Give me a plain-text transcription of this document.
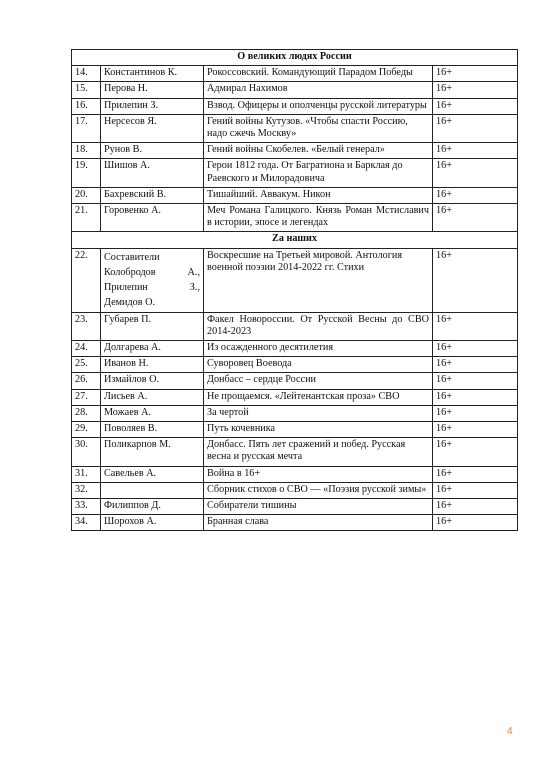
О великих людях России			
14.	Константинов К.	Рокоссовский. Командующий Парадом Победы	16+
15.	Перова Н.	Адмирал Нахимов	16+
16.	Прилепин З.	Взвод. Офицеры и ополченцы русской литературы	16+
17.	Нерсесов Я.	Гений войны Кутузов. «Чтобы спасти Россию, надо сжечь Москву»	16+
18.	Рунов В.	Гений войны Скобелев. «Белый генерал»	16+
19.	Шишов А.	Герои 1812 года. От Багратиона и Барклая до Раевского и Милорадовича	16+
20.	Бахревский В.	Тишайший. Аввакум. Никон	16+
21.	Горовенко А.	Меч Романа Галицкого. Князь Роман Мстиславич в истории, эпосе и легендах	16+
Zа наших			
22.	Составители Колобродов А., Прилепин З., Демидов О.	Воскресшие на Третьей мировой. Антология военной поэзии 2014-2022 гг. Стихи	16+
23.	Губарев П.	Факел Новороссии. От Русской Весны до СВО 2014-2023	16+
24.	Долгарева А.	Из осажденного десятилетия	16+
25.	Иванов Н.	Суворовец Воевода	16+
26.	Измайлов О.	Донбасс – сердце России	16+
27.	Лисьев А.	Не прощаемся. «Лейтенантская проза» СВО	16+
28.	Можаев А.	За чертой	16+
29.	Поволяев В.	Путь кочевника	16+
30.	Поликарпов М.	Донбасс. Пять лет сражений и побед. Русская весна и русская мечта	16+
31.	Савельев А.	Война в 16+	16+
32.		Сборник стихов о СВО — «Поэзия русской зимы»	16+
33.	Филиппов Д.	Собиратели тишины	16+
34.	Шорохов А.	Бранная слава	16+
4
